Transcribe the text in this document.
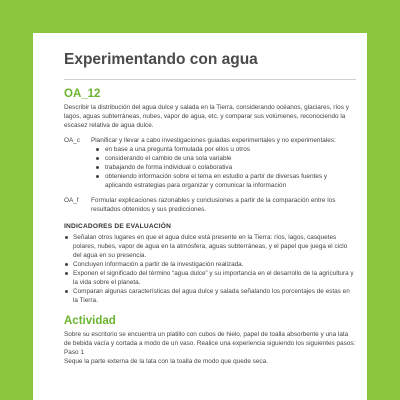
Experimentando con agua
OA_12

Describir la distribución del agua dulce y salada en la Tierra, considerando océanos, glaciares, ríos y lagos, aguas subterráneas, nubes, vapor de agua, etc. y comparar sus volúmenes, reconociendo la escasez relativa de agua dulce.

OA_c	Planificar y llevar a cabo investigaciones guiadas experimentales y no experimentales:
en base a una pregunta formulada por ellos u otros
considerando el cambio de una sola variable
trabajando de forma individual o colaborativa
obteniendo información sobre el tema en estudio a partir de diversas fuentes y aplicando estrategias para organizar y comunicar la información
OA_f	Formular explicaciones razonables y conclusiones a partir de la comparación entre los resultados obtenidos y sus predicciones.
INDICADORES DE EVALUACIÓN
Señalan otros lugares en que el agua dulce está presente en la Tierra: ríos, lagos, casquetes polares, nubes, vapor de agua en la atmósfera, aguas subterráneas, y el papel que juega el ciclo del agua en su presencia.
Concluyen información a partir de la investigación realizada.
Exponen el significado del término “agua dulce” y su importancia en el desarrollo de la agricultura y la vida sobre el planeta.
Comparan algunas características del agua dulce y salada señalando los porcentajes de estas en la Tierra.
Actividad

Sobre su escritorio se encuentra un platillo con cubos de hielo, papel de toalla absorbente y una lata de bebida vacía y cortada a modo de un vaso. Realice una experiencia siguiendo los siguientes pasos:

Paso 1

Seque la parte externa de la lata con la toalla de modo que quede seca.
